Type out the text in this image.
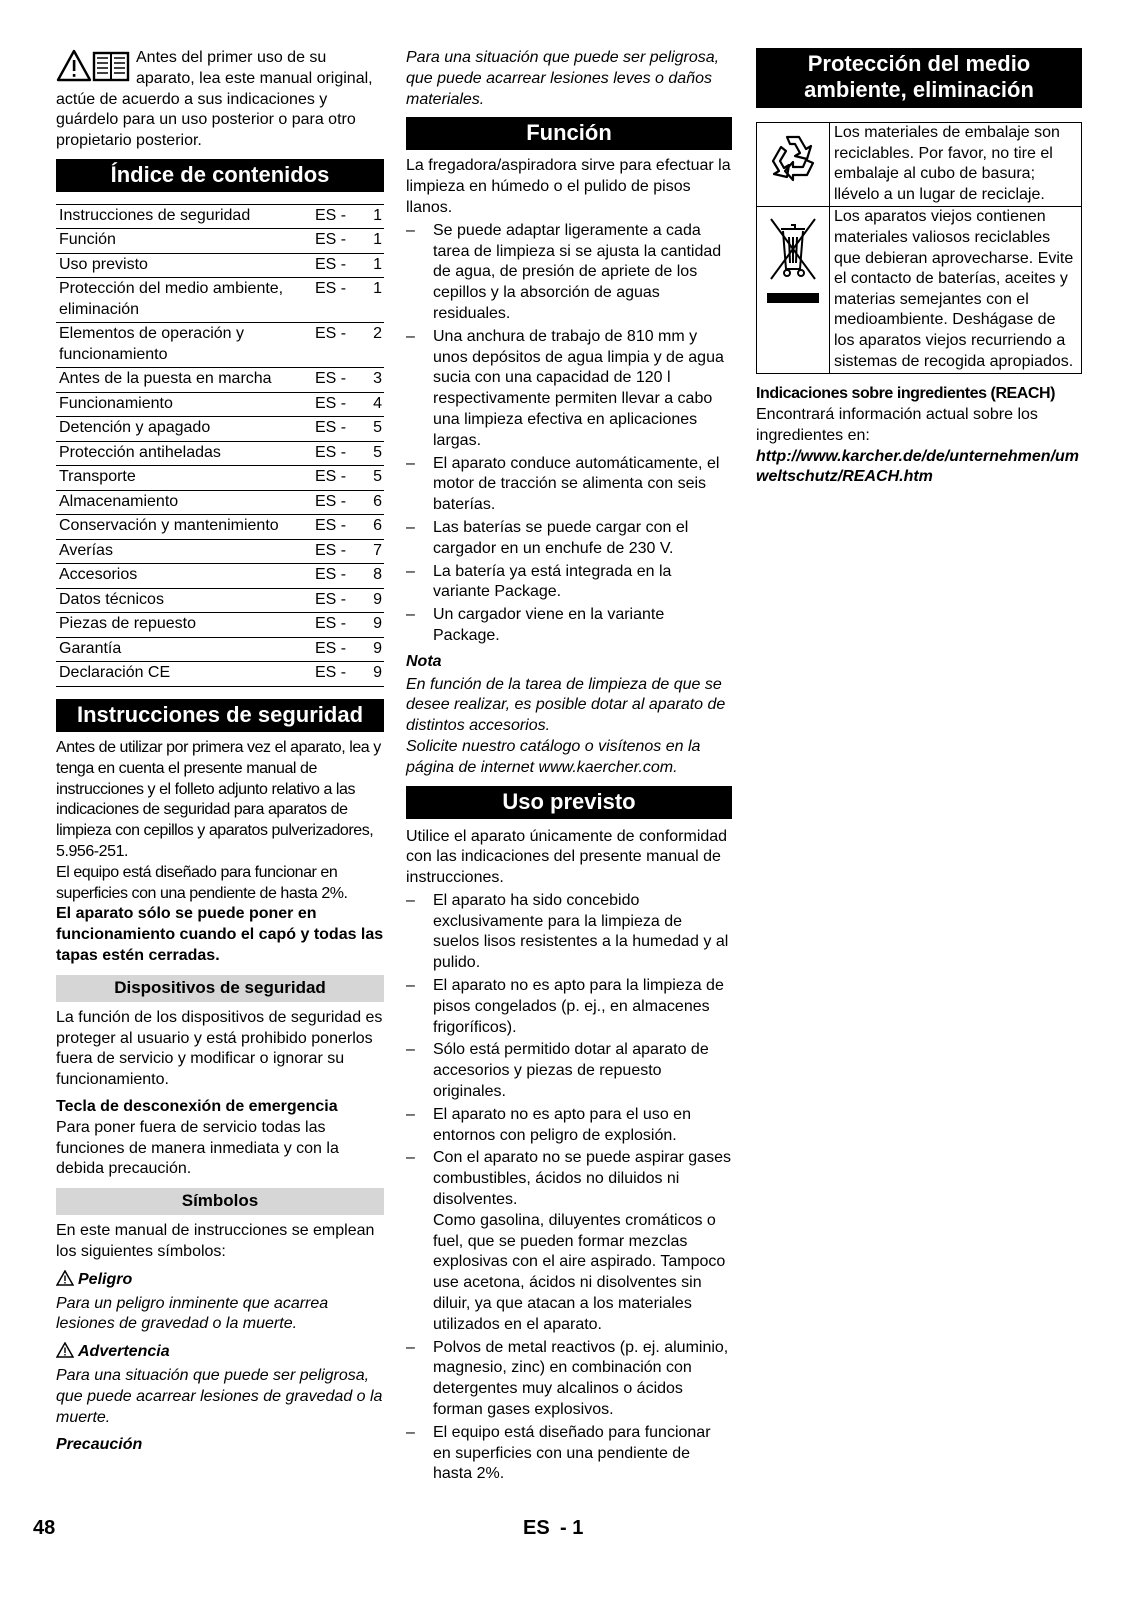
Antes del primer uso de su aparato, lea este manual original, actúe de acuerdo a sus indicaciones y guárdelo para un uso posterior o para otro propietario posterior.

Índice de contenidos
Instrucciones de seguridad	ES -	1
Función	ES -	1
Uso previsto	ES -	1
Protección del medio ambiente, eliminación	ES -	1
Elementos de operación y funcionamiento	ES -	2
Antes de la puesta en marcha	ES -	3
Funcionamiento	ES -	4
Detención y apagado	ES -	5
Protección antiheladas	ES -	5
Transporte	ES -	5
Almacenamiento	ES -	6
Conservación y mantenimiento	ES -	6
Averías	ES -	7
Accesorios	ES -	8
Datos técnicos	ES -	9
Piezas de repuesto	ES -	9
Garantía	ES -	9
Declaración CE	ES -	9
Instrucciones de seguridad

Antes de utilizar por primera vez el aparato, lea y tenga en cuenta el presente manual de instrucciones y el folleto adjunto relativo a las indicaciones de seguridad para aparatos de limpieza con cepillos y aparatos pulverizadores, 5.956-251.

El equipo está diseñado para funcionar en superficies con una pendiente de hasta 2%.

El aparato sólo se puede poner en funcionamiento cuando el capó y todas las tapas estén cerradas.

Dispositivos de seguridad

La función de los dispositivos de seguridad es proteger al usuario y está prohibido ponerlos fuera de servicio y modificar o ignorar su funcionamiento.

Tecla de desconexión de emergencia

Para poner fuera de servicio todas las funciones de manera inmediata y con la debida precaución.

Símbolos

En este manual de instrucciones se emplean los siguientes símbolos:

Peligro

Para un peligro inminente que acarrea lesiones de gravedad o la muerte.

Advertencia

Para una situación que puede ser peligrosa, que puede acarrear lesiones de gravedad o la muerte.

Precaución

Para una situación que puede ser peligrosa, que puede acarrear lesiones leves o daños materiales.

Función

La fregadora/aspiradora sirve para efectuar la limpieza en húmedo o el pulido de pisos llanos.

– Se puede adaptar ligeramente a cada tarea de limpieza si se ajusta la cantidad de agua, de presión de apriete de los cepillos y la absorción de aguas residuales.
– Una anchura de trabajo de 810 mm y unos depósitos de agua limpia y de agua sucia con una capacidad de 120 l respectivamente permiten llevar a cabo una limpieza efectiva en aplicaciones largas.
– El aparato conduce automáticamente, el motor de tracción se alimenta con seis baterías.
– Las baterías se puede cargar con el cargador en un enchufe de 230 V.
– La batería ya está integrada en la variante Package.
– Un cargador viene en la variante Package.

Nota

En función de la tarea de limpieza de que se desee realizar, es posible dotar al aparato de distintos accesorios.

Solicite nuestro catálogo o visítenos en la página de internet www.kaercher.com.

Uso previsto

Utilice el aparato únicamente de conformidad con las indicaciones del presente manual de instrucciones.

– El aparato ha sido concebido exclusivamente para la limpieza de suelos lisos resistentes a la humedad y al pulido.
– El aparato no es apto para la limpieza de pisos congelados (p. ej., en almacenes frigoríficos).
– Sólo está permitido dotar al aparato de accesorios y piezas de repuesto originales.
– El aparato no es apto para el uso en entornos con peligro de explosión.
– Con el aparato no se puede aspirar gases combustibles, ácidos no diluidos ni disolventes.

Como gasolina, diluyentes cromáticos o fuel, que se pueden formar mezclas explosivas con el aire aspirado. Tampoco use acetona, ácidos ni disolventes sin diluir, ya que atacan a los materiales utilizados en el aparato.

– Polvos de metal reactivos (p. ej. aluminio, magnesio, zinc) en combinación con detergentes muy alcalinos o ácidos forman gases explosivos.
– El equipo está diseñado para funcionar en superficies con una pendiente de hasta 2%.
Protección del medio ambiente, eliminación
	Los materiales de embalaje son reciclables. Por favor, no tire el embalaje al cubo de basura; llévelo a un lugar de reciclaje.
	Los aparatos viejos contienen materiales valiosos reciclables que debieran aprovecharse. Evite el contacto de baterías, aceites y materias semejantes con el medioambiente. Deshágase de los aparatos viejos recurriendo a sistemas de recogida apropiados.

Indicaciones sobre ingredientes (REACH)

Encontrará información actual sobre los ingredientes en:

http://www.karcher.de/de/unternehmen/umweltschutz/REACH.htm

48	ES - 1
